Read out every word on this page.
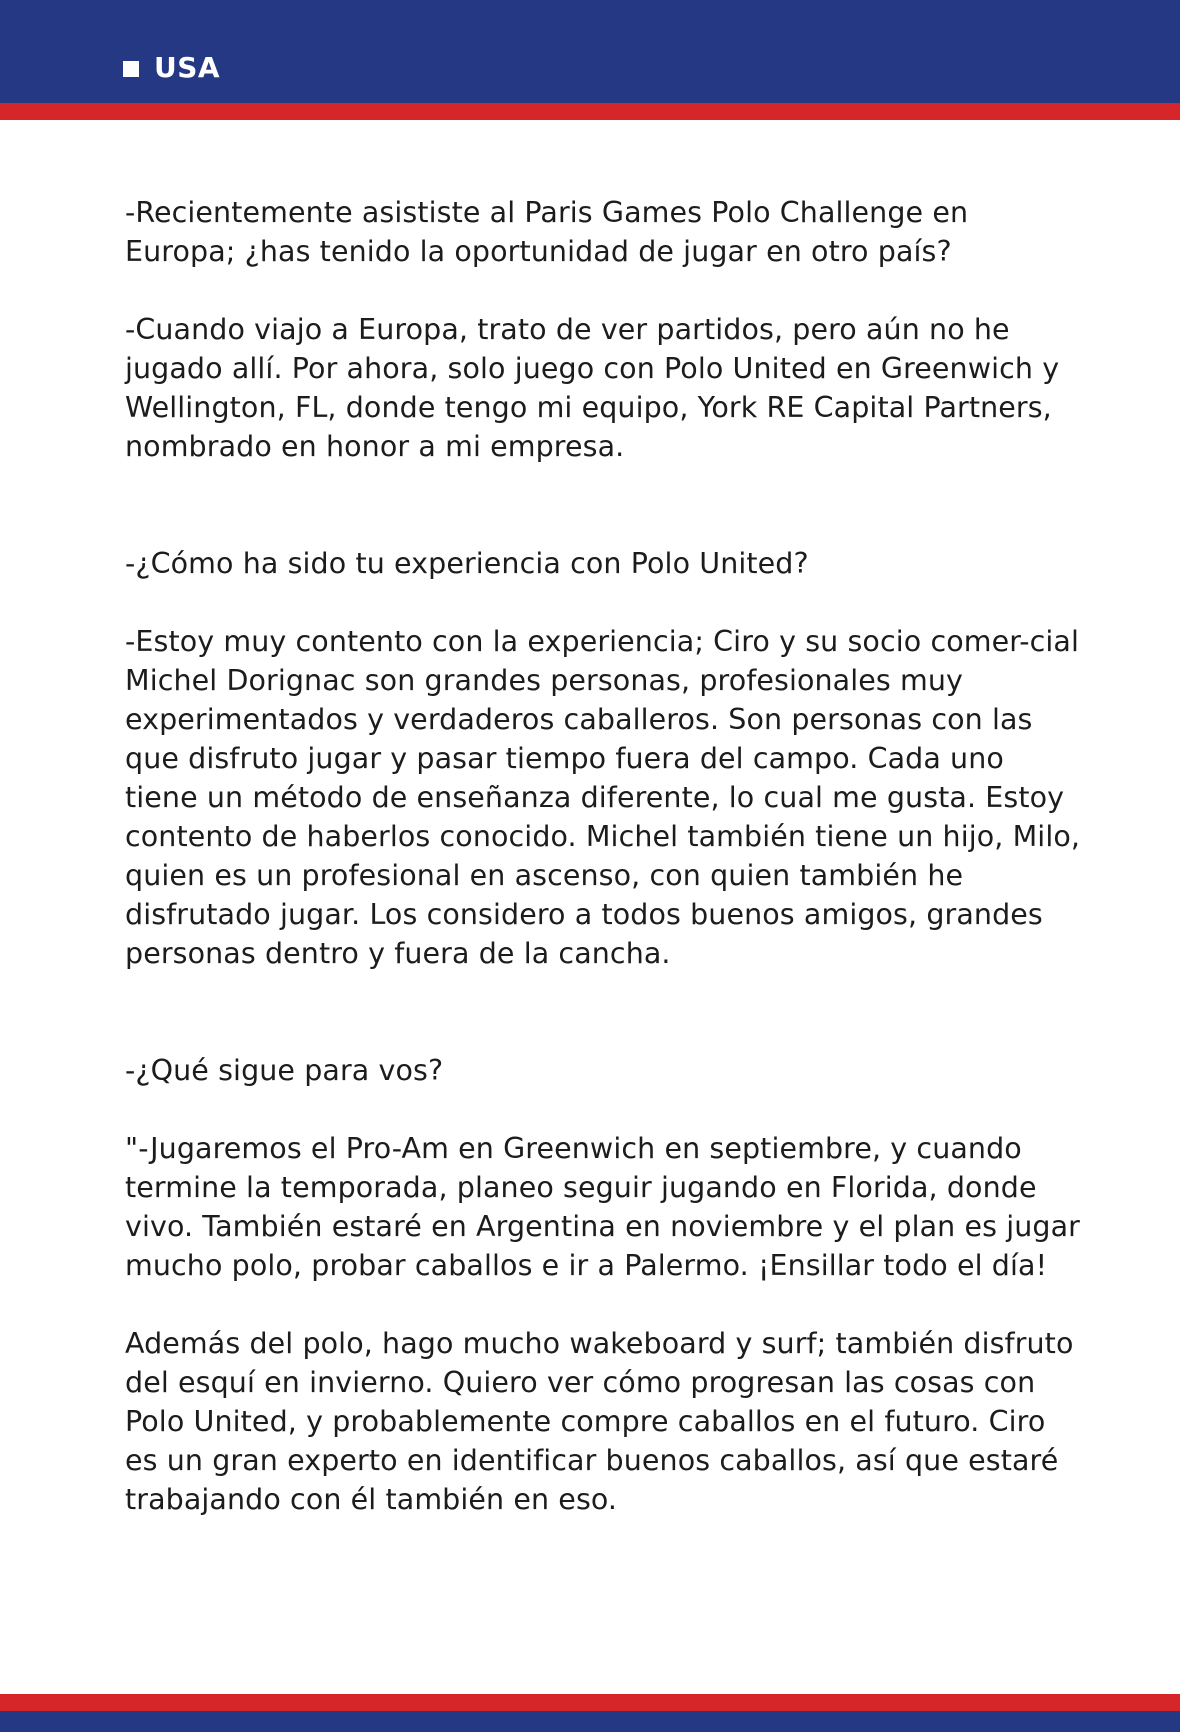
USA

-Recientemente asististe al Paris Games Polo Challenge en Europa; ¿has tenido la oportunidad de jugar en otro país?

-Cuando viajo a Europa, trato de ver partidos, pero aún no he jugado allí. Por ahora, solo juego con Polo United en Greenwich y Wellington, FL, donde tengo mi equipo, York RE Capital Partners, nombrado en honor a mi empresa.

-¿Cómo ha sido tu experiencia con Polo United?

-Estoy muy contento con la experiencia; Ciro y su socio comer-cial Michel Dorignac son grandes personas, profesionales muy experimentados y verdaderos caballeros. Son personas con las que disfruto jugar y pasar tiempo fuera del campo. Cada uno tiene un método de enseñanza diferente, lo cual me gusta. Estoy contento de haberlos conocido. Michel también tiene un hijo, Milo, quien es un profesional en ascenso, con quien también he disfrutado jugar. Los considero a todos buenos amigos, grandes personas dentro y fuera de la cancha.

-¿Qué sigue para vos?

"-Jugaremos el Pro-Am en Greenwich en septiembre, y cuando termine la temporada, planeo seguir jugando en Florida, donde vivo. También estaré en Argentina en noviembre y el plan es jugar mucho polo, probar caballos e ir a Palermo. ¡Ensillar todo el día!

Además del polo, hago mucho wakeboard y surf; también disfruto del esquí en invierno. Quiero ver cómo progresan las cosas con Polo United, y probablemente compre caballos en el futuro. Ciro es un gran experto en identificar buenos caballos, así que estaré trabajando con él también en eso.
